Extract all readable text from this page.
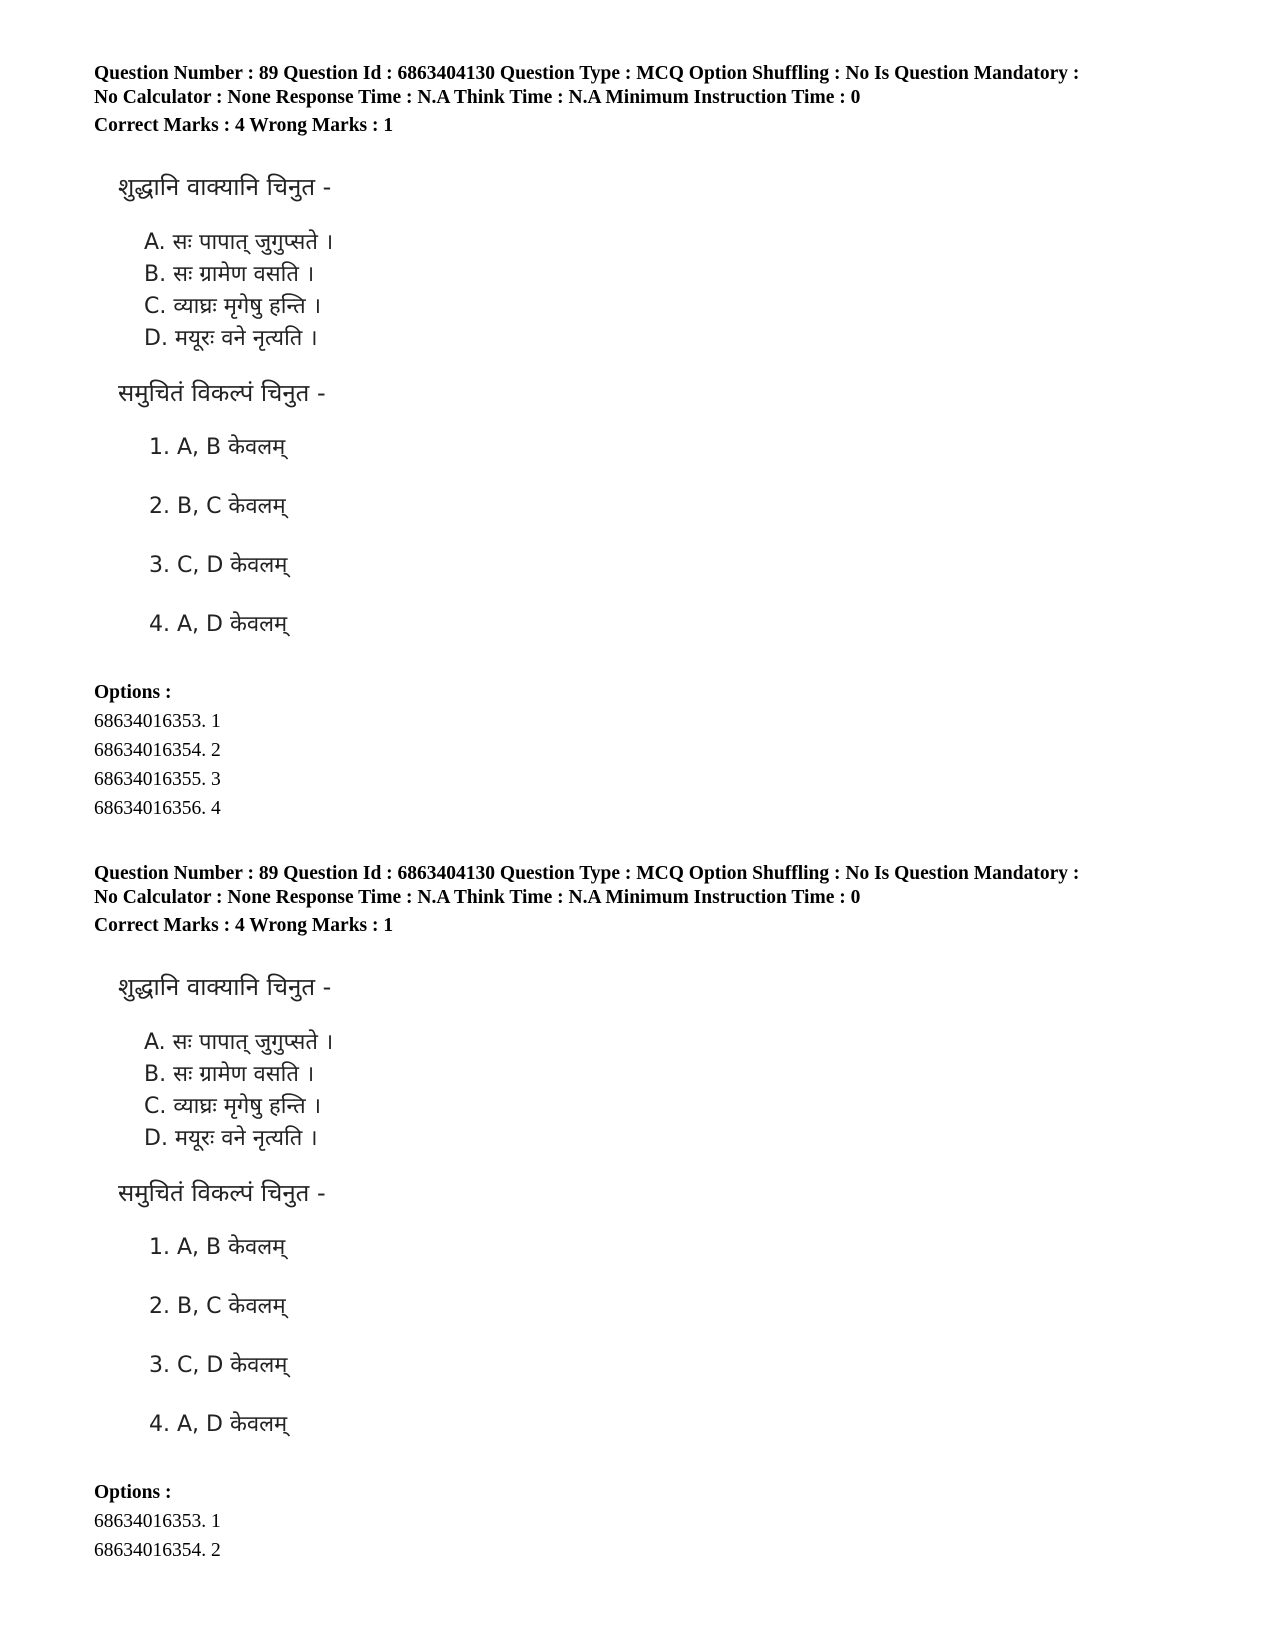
Question Number : 89 Question Id : 6863404130 Question Type : MCQ Option Shuffling : No Is Question Mandatory :

No Calculator : None Response Time : N.A Think Time : N.A Minimum Instruction Time : 0

Correct Marks : 4 Wrong Marks : 1

शुद्धानि वाक्यानि चिनुत -
A. सः पापात् जुगुप्सते ।
B. सः ग्रामेण वसति ।
C. व्याघ्रः मृगेषु हन्ति ।
D. मयूरः वने नृत्यति ।
समुचितं विकल्पं चिनुत -
1. A, B केवलम्
2. B, C केवलम्
3. C, D केवलम्
4. A, D केवलम्
Options :
68634016353. 1
68634016354. 2
68634016355. 3
68634016356. 4

Question Number : 89 Question Id : 6863404130 Question Type : MCQ Option Shuffling : No Is Question Mandatory :

No Calculator : None Response Time : N.A Think Time : N.A Minimum Instruction Time : 0

Correct Marks : 4 Wrong Marks : 1

शुद्धानि वाक्यानि चिनुत -
A. सः पापात् जुगुप्सते ।
B. सः ग्रामेण वसति ।
C. व्याघ्रः मृगेषु हन्ति ।
D. मयूरः वने नृत्यति ।
समुचितं विकल्पं चिनुत -
1. A, B केवलम्
2. B, C केवलम्
3. C, D केवलम्
4. A, D केवलम्
Options :
68634016353. 1
68634016354. 2
